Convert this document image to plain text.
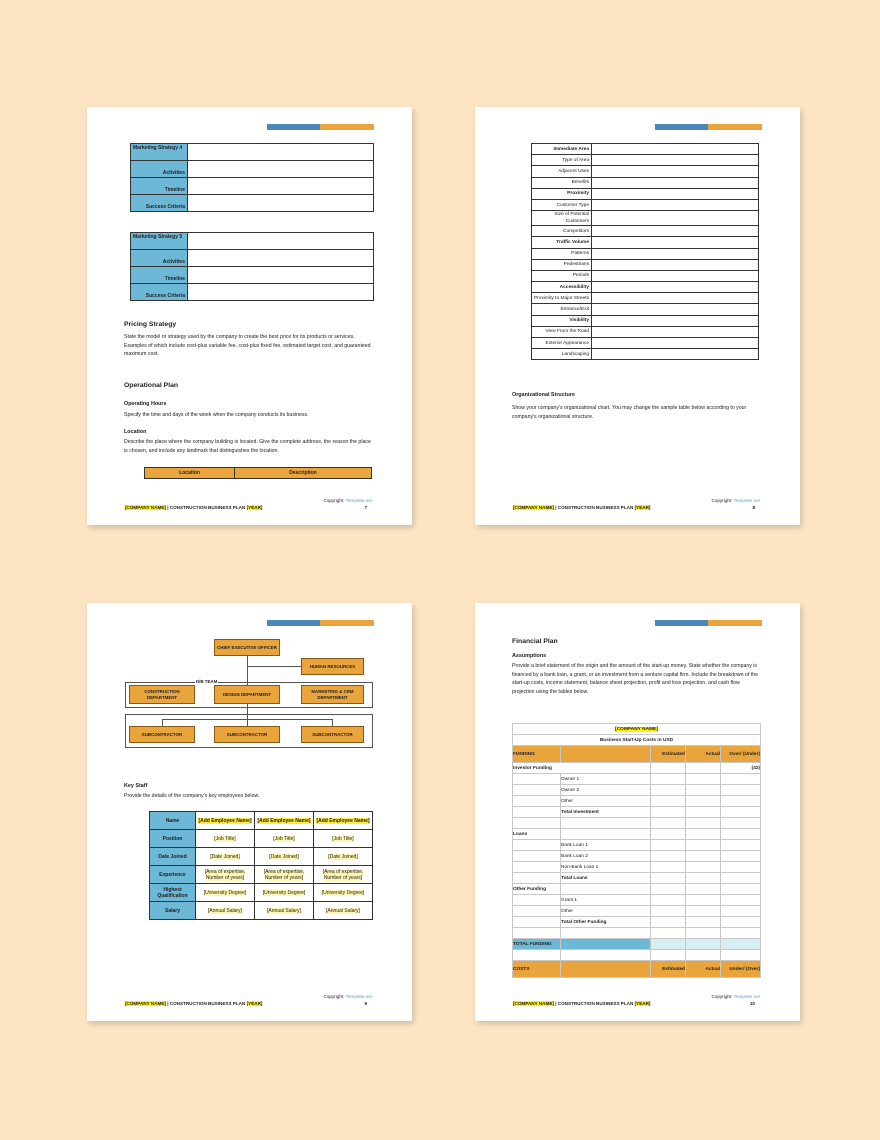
Marketing Strategy 4	
Activities	
Timeline	
Success Criteria	
Marketing Strategy 5	
Activities	
Timeline	
Success Criteria	
Pricing Strategy
State the model or strategy used by the company to create the best price for its products or services. Examples of which include cost-plus variable fee, cost-plus fixed fee, estimated target cost, and guaranteed maximum cost.
Operational Plan
Operating Hours
Specify the time and days of the week when the company conducts its business.
Location
Describe the place where the company building is located. Give the complete address, the reason the place is chosen, and include any landmark that distinguishes the location.
Location	Description
Copyright: Template.net
[COMPANY NAME] | CONSTRUCTION BUSINESS PLAN [YEAR]	7
Immediate Area	
Type of Area	
Adjacent Uses	
Benefits	
Proximity	
Customer Type	
Size of Potential Customers	
Competitors	
Traffic Volume	
Patterns	
Pedestrians	
Periods	
Accessibility	
Proximity to Major Streets	
Entrance/Exit	
Visibility	
View From the Road	
Exterior Appearance	
Landscaping	
Organizational Structure
Show your company's organizational chart. You may change the sample table below according to your company's organizational structure.
Copyright: Template.net
[COMPANY NAME] | CONSTRUCTION BUSINESS PLAN [YEAR]	8
CHIEF EXECUTIVE OFFICER
HUMAN RESOURCES
D/B TEAM
CONSTRUCTION DEPARTMENT
DESIGN DEPARTMENT
MARKETING & CRM DEPARTMENT
SUBCONTRACTOR	SUBCONTRACTOR	SUBCONTRACTOR
Key Staff
Provide the details of the company's key employees below.
Name	[Add Employee Name]	[Add Employee Name]	[Add Employee Name]
Position	[Job Title]	[Job Title]	[Job Title]
Date Joined	[Date Joined]	[Date Joined]	[Date Joined]
Experience	[Area of expertise, Number of years]	[Area of expertise, Number of years]	[Area of expertise, Number of years]
Highest Qualification	[University Degree]	[University Degree]	[University Degree]
Salary	[Annual Salary]	[Annual Salary]	[Annual Salary]
Copyright: Template.net
[COMPANY NAME] | CONSTRUCTION BUSINESS PLAN [YEAR]	9
Financial Plan
Assumptions
Provide a brief statement of the origin and the amount of the start-up money. State whether the company is financed by a bank loan, a grant, or an investment from a venture capital firm. Include the breakdown of the start-up costs, income statement, balance sheet projection, profit and loss projection, and cash flow projection using the tables below.
[COMPANY NAME]				
Business Start-Up Costs in USD				
FUNDING		Estimated	Actual	Over/ (Under)
Investor Funding				(42)
	Owner 1			
	Owner 2			
	Other			
	Total Investment			

Loans				
	Bank Loan 1			
	Bank Loan 2			
	Non-Bank Loan 1			
	Total Loans			
Other Funding				
	Grant 1			
	Other			
	Total Other Funding			

TOTAL FUNDING				

COSTS		Estimated	Actual	Under/ (Over)
Copyright: Template.net
[COMPANY NAME] | CONSTRUCTION BUSINESS PLAN [YEAR]	10
